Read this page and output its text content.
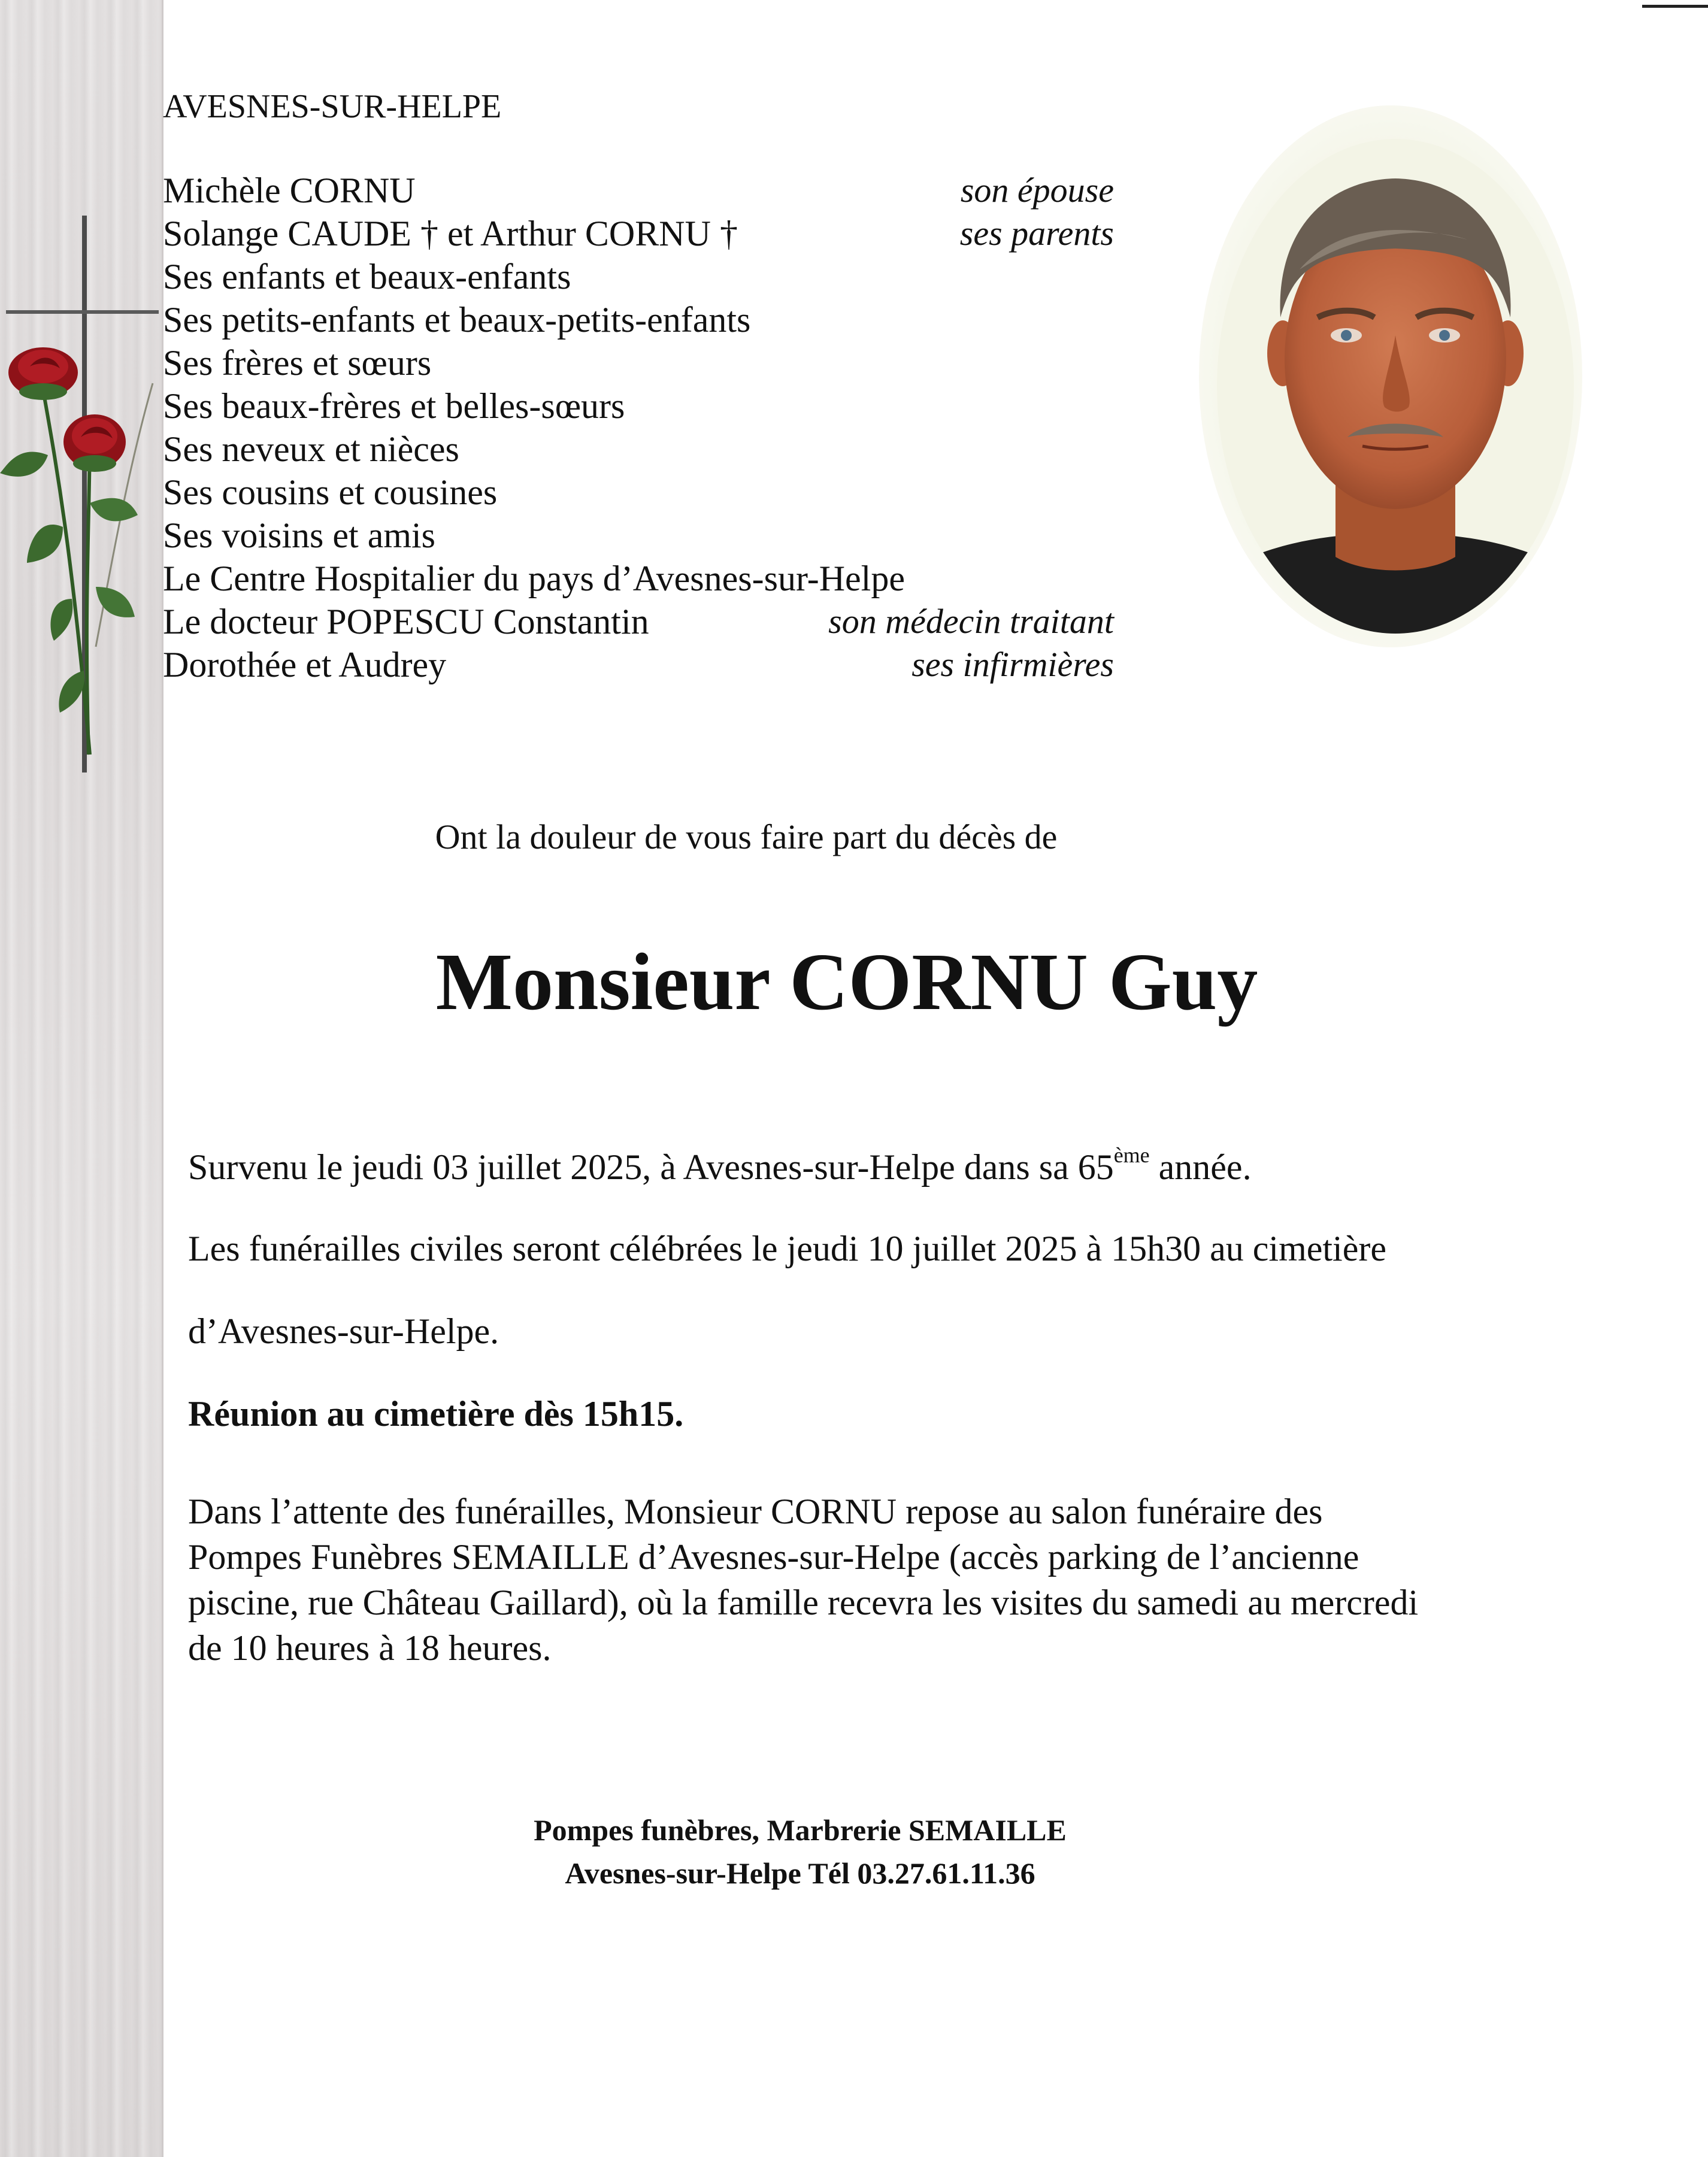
AVESNES-SUR-HELPE
Michèle CORNU	son épouse
Solange CAUDE † et Arthur CORNU †	ses parents
Ses enfants et beaux-enfants
Ses petits-enfants et beaux-petits-enfants
Ses frères et sœurs
Ses beaux-frères et belles-sœurs
Ses neveux et nièces
Ses cousins et cousines
Ses voisins et amis
Le Centre Hospitalier du pays d’Avesnes-sur-Helpe
Le docteur POPESCU Constantin	son médecin traitant
Dorothée et Audrey	ses infirmières
Ont la douleur de vous faire part du décès de
Monsieur CORNU Guy
Survenu le jeudi 03 juillet 2025, à Avesnes-sur-Helpe dans sa 65ème année.
Les funérailles civiles seront célébrées le jeudi 10 juillet 2025 à 15h30 au cimetière
d’Avesnes-sur-Helpe.
Réunion au cimetière dès 15h15.
Dans l’attente des funérailles, Monsieur CORNU repose au salon funéraire des
Pompes Funèbres SEMAILLE d’Avesnes-sur-Helpe (accès parking de l’ancienne
piscine, rue Château Gaillard), où la famille recevra les visites du samedi au mercredi
de 10 heures à 18 heures.
Pompes funèbres, Marbrerie SEMAILLE
Avesnes-sur-Helpe Tél 03.27.61.11.36
